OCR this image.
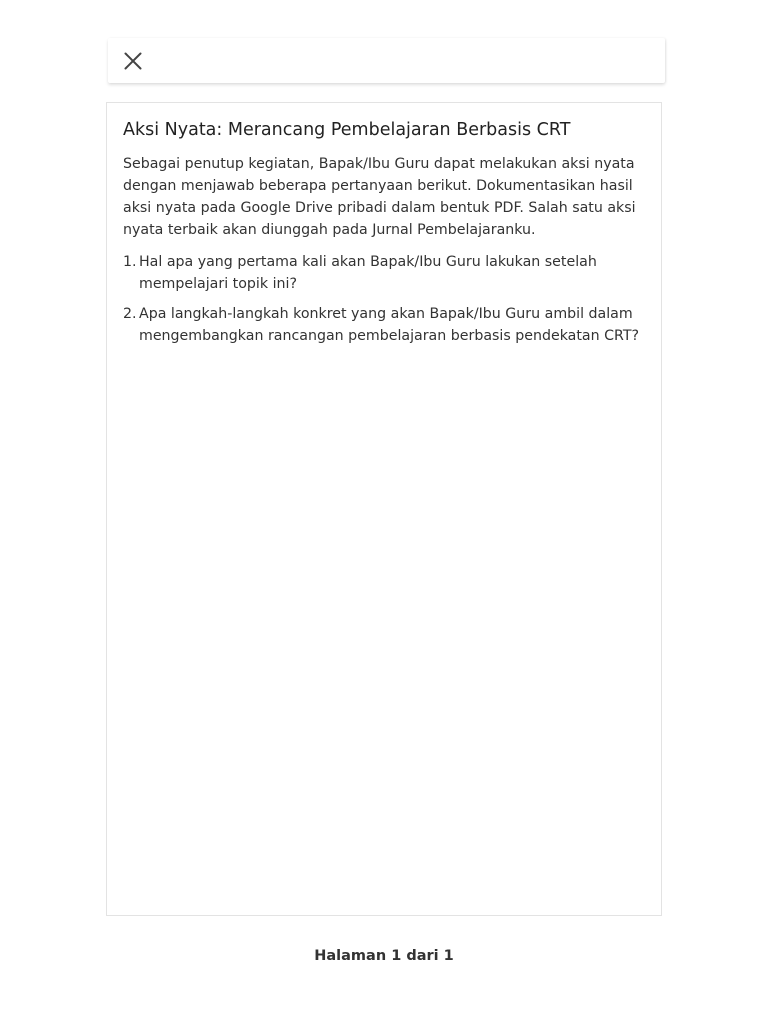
Aksi Nyata: Merancang Pembelajaran Berbasis CRT

Sebagai penutup kegiatan, Bapak/Ibu Guru dapat melakukan aksi nyata dengan menjawab beberapa pertanyaan berikut. Dokumentasikan hasil aksi nyata pada Google Drive pribadi dalam bentuk PDF. Salah satu aksi nyata terbaik akan diunggah pada Jurnal Pembelajaranku.

1. Hal apa yang pertama kali akan Bapak/Ibu Guru lakukan setelah mempelajari topik ini?
2. Apa langkah-langkah konkret yang akan Bapak/Ibu Guru ambil dalam mengembangkan rancangan pembelajaran berbasis pendekatan CRT?
Halaman 1 dari 1
